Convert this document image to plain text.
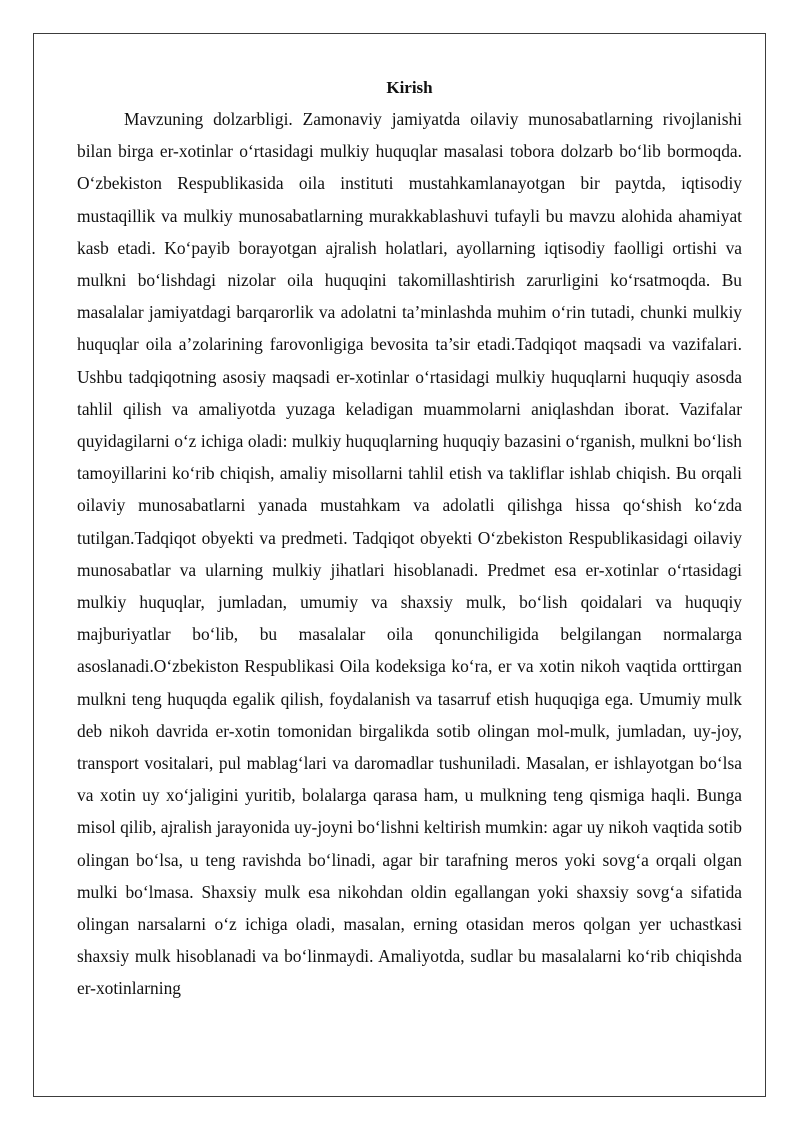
Kirish

Mavzuning dolzarbligi. Zamonaviy jamiyatda oilaviy munosabatlarning rivojlanishi bilan birga er-xotinlar oʻrtasidagi mulkiy huquqlar masalasi tobora dolzarb boʻlib bormoqda. Oʻzbekiston Respublikasida oila instituti mustahkamlanayotgan bir paytda, iqtisodiy mustaqillik va mulkiy munosabatlarning murakkablashuvi tufayli bu mavzu alohida ahamiyat kasb etadi. Koʻpayib borayotgan ajralish holatlari, ayollarning iqtisodiy faolligi ortishi va mulkni boʻlishdagi nizolar oila huquqini takomillashtirish zarurligini koʻrsatmoqda. Bu masalalar jamiyatdagi barqarorlik va adolatni ta’minlashda muhim oʻrin tutadi, chunki mulkiy huquqlar oila a’zolarining farovonligiga bevosita ta’sir etadi.Tadqiqot maqsadi va vazifalari. Ushbu tadqiqotning asosiy maqsadi er-xotinlar oʻrtasidagi mulkiy huquqlarni huquqiy asosda tahlil qilish va amaliyotda yuzaga keladigan muammolarni aniqlashdan iborat. Vazifalar quyidagilarni oʻz ichiga oladi: mulkiy huquqlarning huquqiy bazasini oʻrganish, mulkni boʻlish tamoyillarini koʻrib chiqish, amaliy misollarni tahlil etish va takliflar ishlab chiqish. Bu orqali oilaviy munosabatlarni yanada mustahkam va adolatli qilishga hissa qoʻshish koʻzda tutilgan.Tadqiqot obyekti va predmeti. Tadqiqot obyekti Oʻzbekiston Respublikasidagi oilaviy munosabatlar va ularning mulkiy jihatlari hisoblanadi. Predmet esa er-xotinlar oʻrtasidagi mulkiy huquqlar, jumladan, umumiy va shaxsiy mulk, boʻlish qoidalari va huquqiy majburiyatlar boʻlib, bu masalalar oila qonunchiligida belgilangan normalarga asoslanadi.Oʻzbekiston Respublikasi Oila kodeksiga koʻra, er va xotin nikoh vaqtida orttirgan mulkni teng huquqda egalik qilish, foydalanish va tasarruf etish huquqiga ega. Umumiy mulk deb nikoh davrida er-xotin tomonidan birgalikda sotib olingan mol-mulk, jumladan, uy-joy, transport vositalari, pul mablagʻlari va daromadlar tushuniladi. Masalan, er ishlayotgan boʻlsa va xotin uy xoʻjaligini yuritib, bolalarga qarasa ham, u mulkning teng qismiga haqli. Bunga misol qilib, ajralish jarayonida uy-joyni boʻlishni keltirish mumkin: agar uy nikoh vaqtida sotib olingan boʻlsa, u teng ravishda boʻlinadi, agar bir tarafning meros yoki sovgʻa orqali olgan mulki boʻlmasa. Shaxsiy mulk esa nikohdan oldin egallangan yoki shaxsiy sovgʻa sifatida olingan narsalarni oʻz ichiga oladi, masalan, erning otasidan meros qolgan yer uchastkasi shaxsiy mulk hisoblanadi va boʻlinmaydi. Amaliyotda, sudlar bu masalalarni koʻrib chiqishda er-xotinlarning
